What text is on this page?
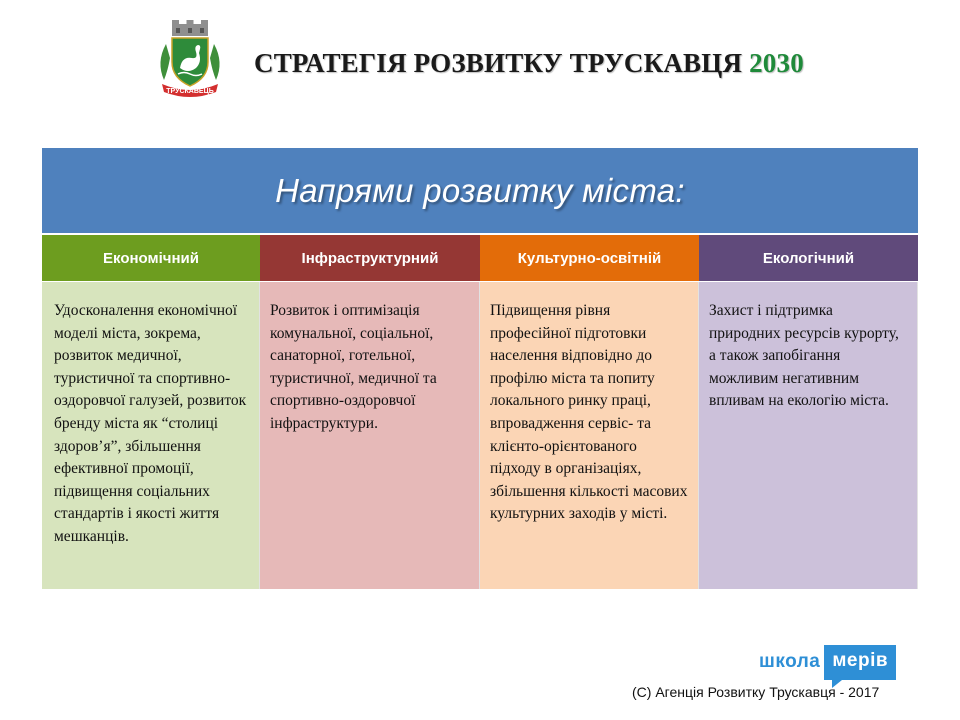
ТРУСКАВЕЦЬ
СТРАТЕГІЯ РОЗВИТКУ ТРУСКАВЦЯ 2030
Напрями розвитку міста:
Економічний
Удосконалення економічної моделі міста, зокрема, розвиток медичної, туристичної та спортивно-оздоровчої галузей, розвиток бренду міста як “столиці здоров’я”, збільшення ефективної промоції, підвищення соціальних стандартів і якості життя мешканців.
Інфраструктурний
Розвиток і оптимізація комунальної, соціальної, санаторної, готельної, туристичної, медичної та спортивно-оздоровчої інфраструктури.
Культурно-освітній
Підвищення рівня професійної підготовки населення відповідно до профілю міста та попиту локального ринку праці, впровадження сервіс- та клієнто-орієнтованого підходу в організаціях, збільшення кількості масових культурних заходів у місті.
Екологічний
Захист і підтримка природних ресурсів курорту, а також запобігання можливим негативним впливам на екологію міста.
школа мерів
(С) Агенція Розвитку Трускавця - 2017
